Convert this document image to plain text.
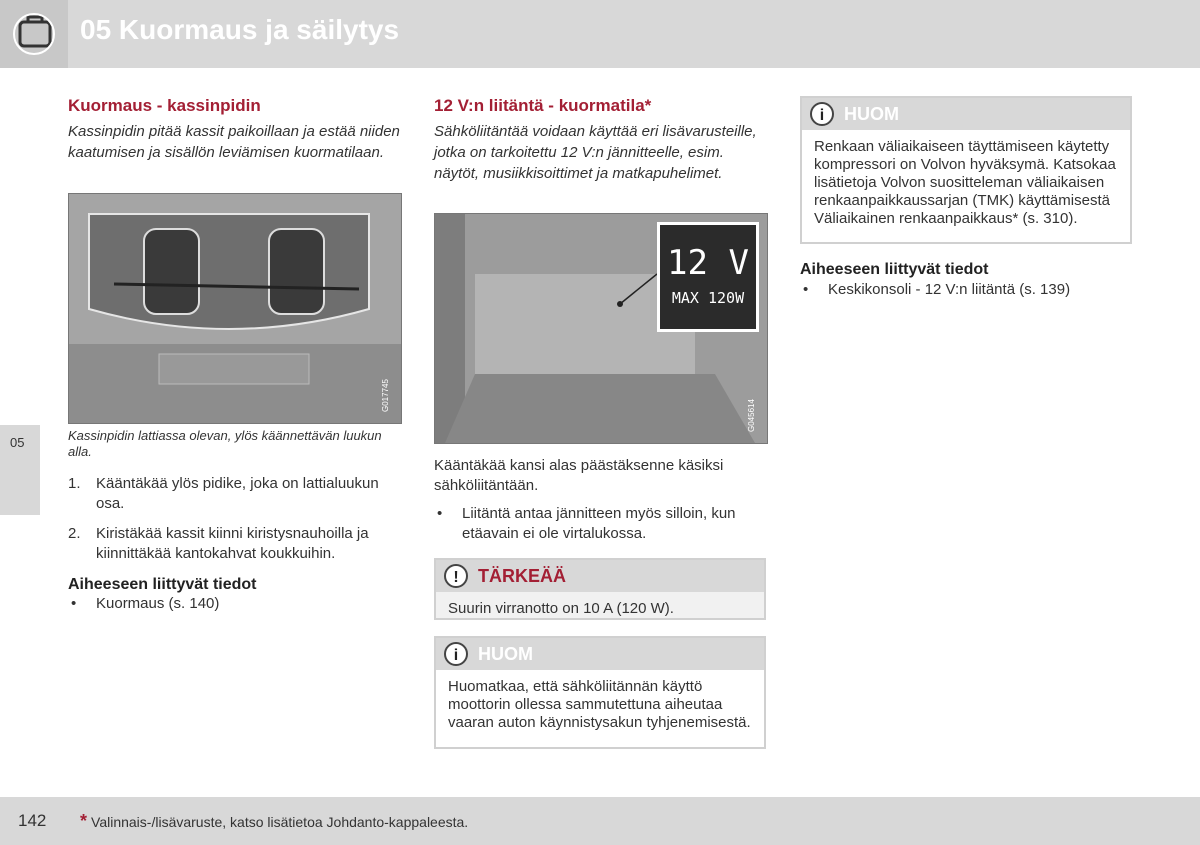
05 Kuormaus ja säilytys
05
Kuormaus - kassinpidin

Kassinpidin pitää kassit paikoillaan ja estää niiden kaatumisen ja sisällön leviämisen kuormatilaan.

G017745
Kassinpidin lattiassa olevan, ylös käännettävän luukun alla.
1. Kääntäkää ylös pidike, joka on lattialuukun osa.
2. Kiristäkää kassit kiinni kiristysnauhoilla ja kiinnittäkää kantokahvat koukkuihin.
Aiheeseen liittyvät tiedot
• Kuormaus (s. 140)
12 V:n liitäntä - kuormatila*

Sähköliitäntää voidaan käyttää eri lisävarusteille, jotka on tarkoitettu 12 V:n jännitteelle, esim. näytöt, musiikkisoittimet ja matkapuhelimet.

12 V
MAX 120W
G045614
Kääntäkää kansi alas päästäksenne käsiksi sähköliitäntään.
• Liitäntä antaa jännitteen myös silloin, kun etäavain ei ole virtalukossa.
!	TÄRKEÄÄ
Suurin virranotto on 10 A (120 W).
i	HUOM
Huomatkaa, että sähköliitännän käyttö moottorin ollessa sammutettuna aiheutaa vaaran auton käynnistysakun tyhjenemisestä.
i	HUOM
Renkaan väliaikaiseen täyttämiseen käytetty kompressori on Volvon hyväksymä. Katsokaa lisätietoja Volvon suositteleman väliaikaisen renkaanpaikkaussarjan (TMK) käyttämisestä Väliaikainen renkaanpaikkaus* (s. 310).
Aiheeseen liittyvät tiedot
• Keskikonsoli - 12 V:n liitäntä (s. 139)
142 * Valinnais-/lisävaruste, katso lisätietoa Johdanto-kappaleesta.
